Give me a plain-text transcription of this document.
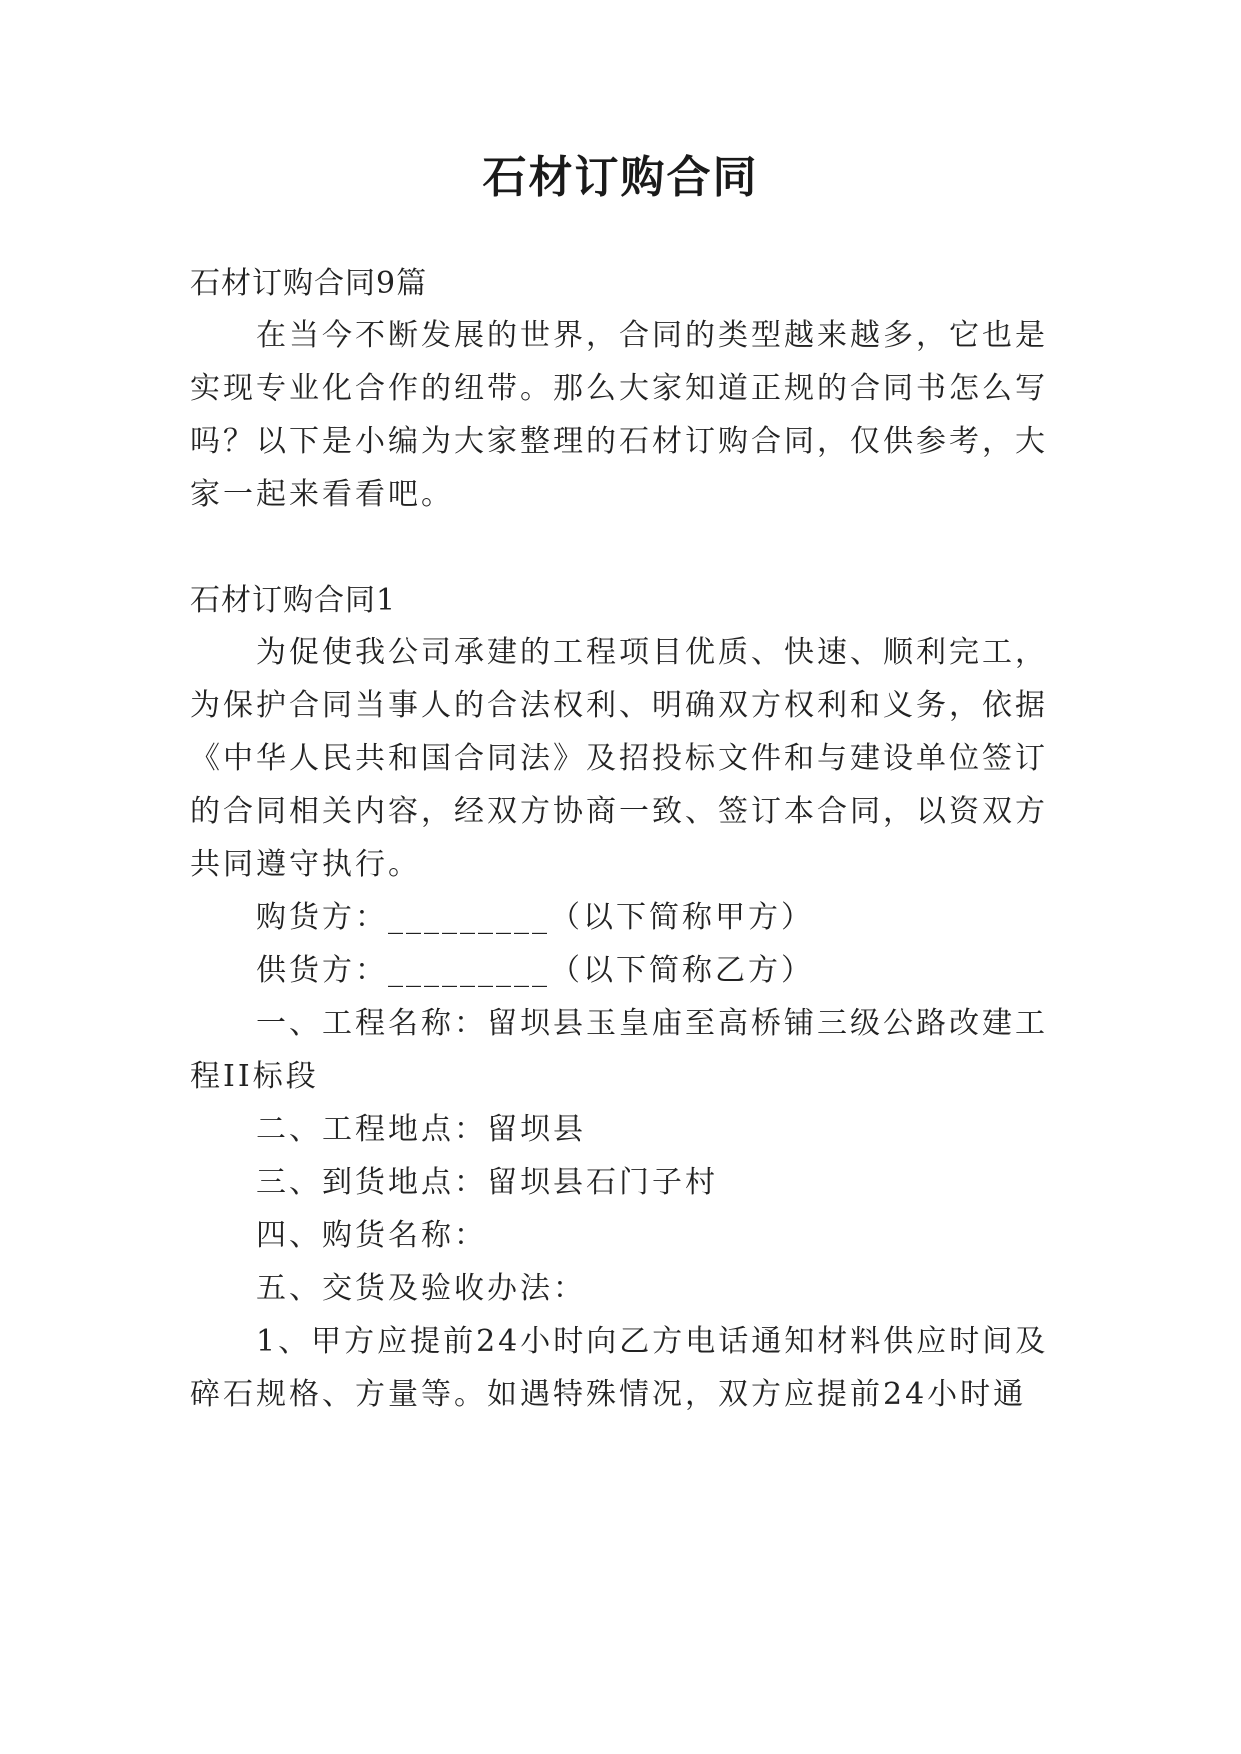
石材订购合同
石材订购合同9篇
在当今不断发展的世界，合同的类型越来越多，它也是
实现专业化合作的纽带。那么大家知道正规的合同书怎么写
吗？以下是小编为大家整理的石材订购合同，仅供参考，大
家一起来看看吧。
石材订购合同1
为促使我公司承建的工程项目优质、快速、顺利完工，
为保护合同当事人的合法权利、明确双方权利和义务，依据
《中华人民共和国合同法》及招投标文件和与建设单位签订
的合同相关内容，经双方协商一致、签订本合同，以资双方
共同遵守执行。
购货方：_________（以下简称甲方）
供货方：_________（以下简称乙方）
一、工程名称：留坝县玉皇庙至高桥铺三级公路改建工
程II标段
二、工程地点：留坝县
三、到货地点：留坝县石门子村
四、购货名称：
五、交货及验收办法：
1、甲方应提前24小时向乙方电话通知材料供应时间及
碎石规格、方量等。如遇特殊情况，双方应提前24小时通
